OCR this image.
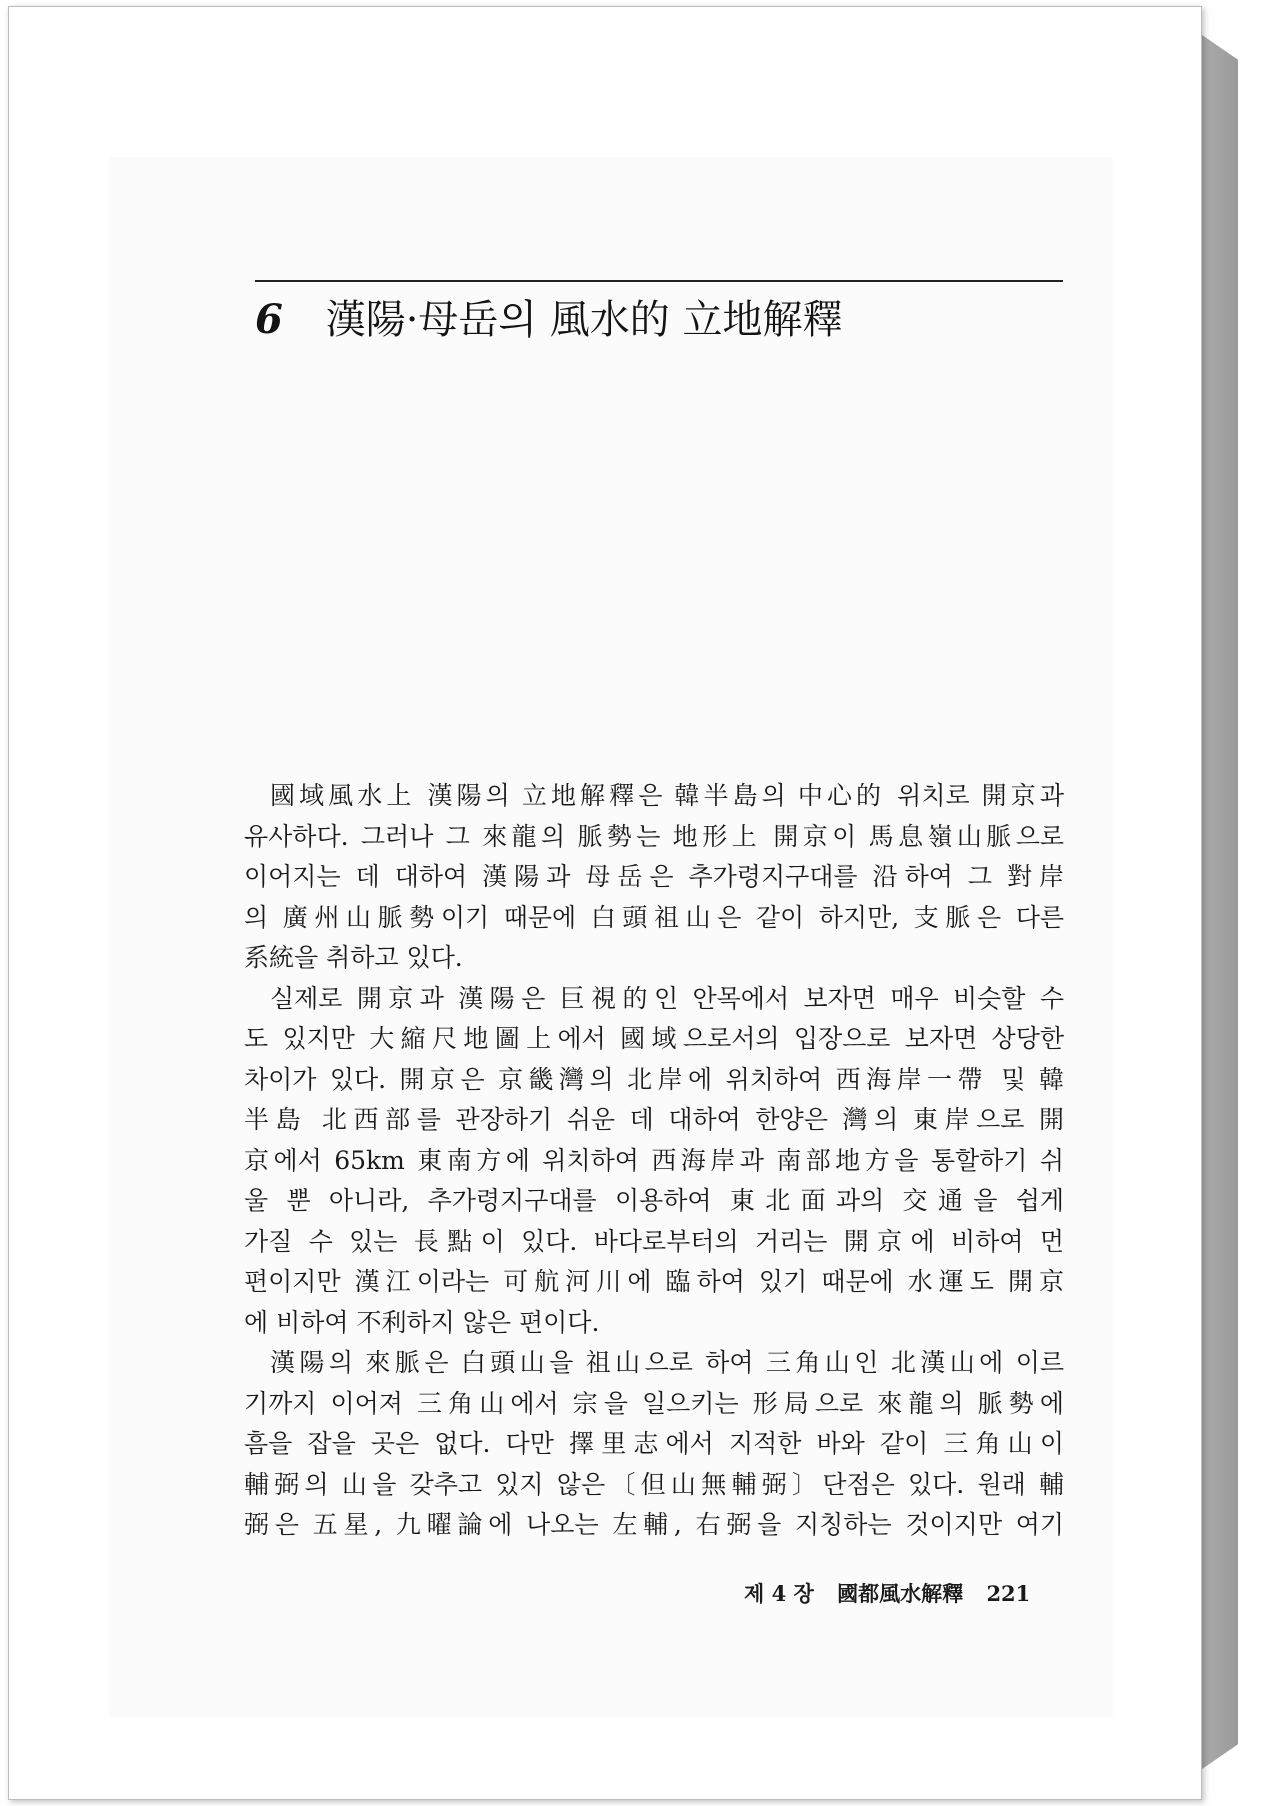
6 漢陽·母岳의 風水的 立地解釋
國域風水上 漢陽의 立地解釋은 韓半島의 中心的 위치로 開京과
유사하다. 그러나 그 來龍의 脈勢는 地形上 開京이 馬息嶺山脈으로
이어지는 데 대하여 漢陽과 母岳은 추가령지구대를 沿하여 그 對岸
의 廣州山脈勢이기 때문에 白頭祖山은 같이 하지만, 支脈은 다른
系統을 취하고 있다.
실제로 開京과 漢陽은 巨視的인 안목에서 보자면 매우 비슷할 수
도 있지만 大縮尺地圖上에서 國域으로서의 입장으로 보자면 상당한
차이가 있다. 開京은 京畿灣의 北岸에 위치하여 西海岸一帶 및 韓
半島 北西部를 관장하기 쉬운 데 대하여 한양은 灣의 東岸으로 開
京에서 65km 東南方에 위치하여 西海岸과 南部地方을 통할하기 쉬
울 뿐 아니라, 추가령지구대를 이용하여 東北面과의 交通을 쉽게
가질 수 있는 長點이 있다. 바다로부터의 거리는 開京에 비하여 먼
편이지만 漢江이라는 可航河川에 臨하여 있기 때문에 水運도 開京
에 비하여 不利하지 않은 편이다.
漢陽의 來脈은 白頭山을 祖山으로 하여 三角山인 北漢山에 이르
기까지 이어져 三角山에서 宗을 일으키는 形局으로 來龍의 脈勢에
흠을 잡을 곳은 없다. 다만 擇里志에서 지적한 바와 같이 三角山이
輔弼의 山을 갖추고 있지 않은〔但山無輔弼〕단점은 있다. 원래 輔
弼은 五星, 九曜論에 나오는 左輔, 右弼을 지칭하는 것이지만 여기
제 4 장 國都風水解釋 221
